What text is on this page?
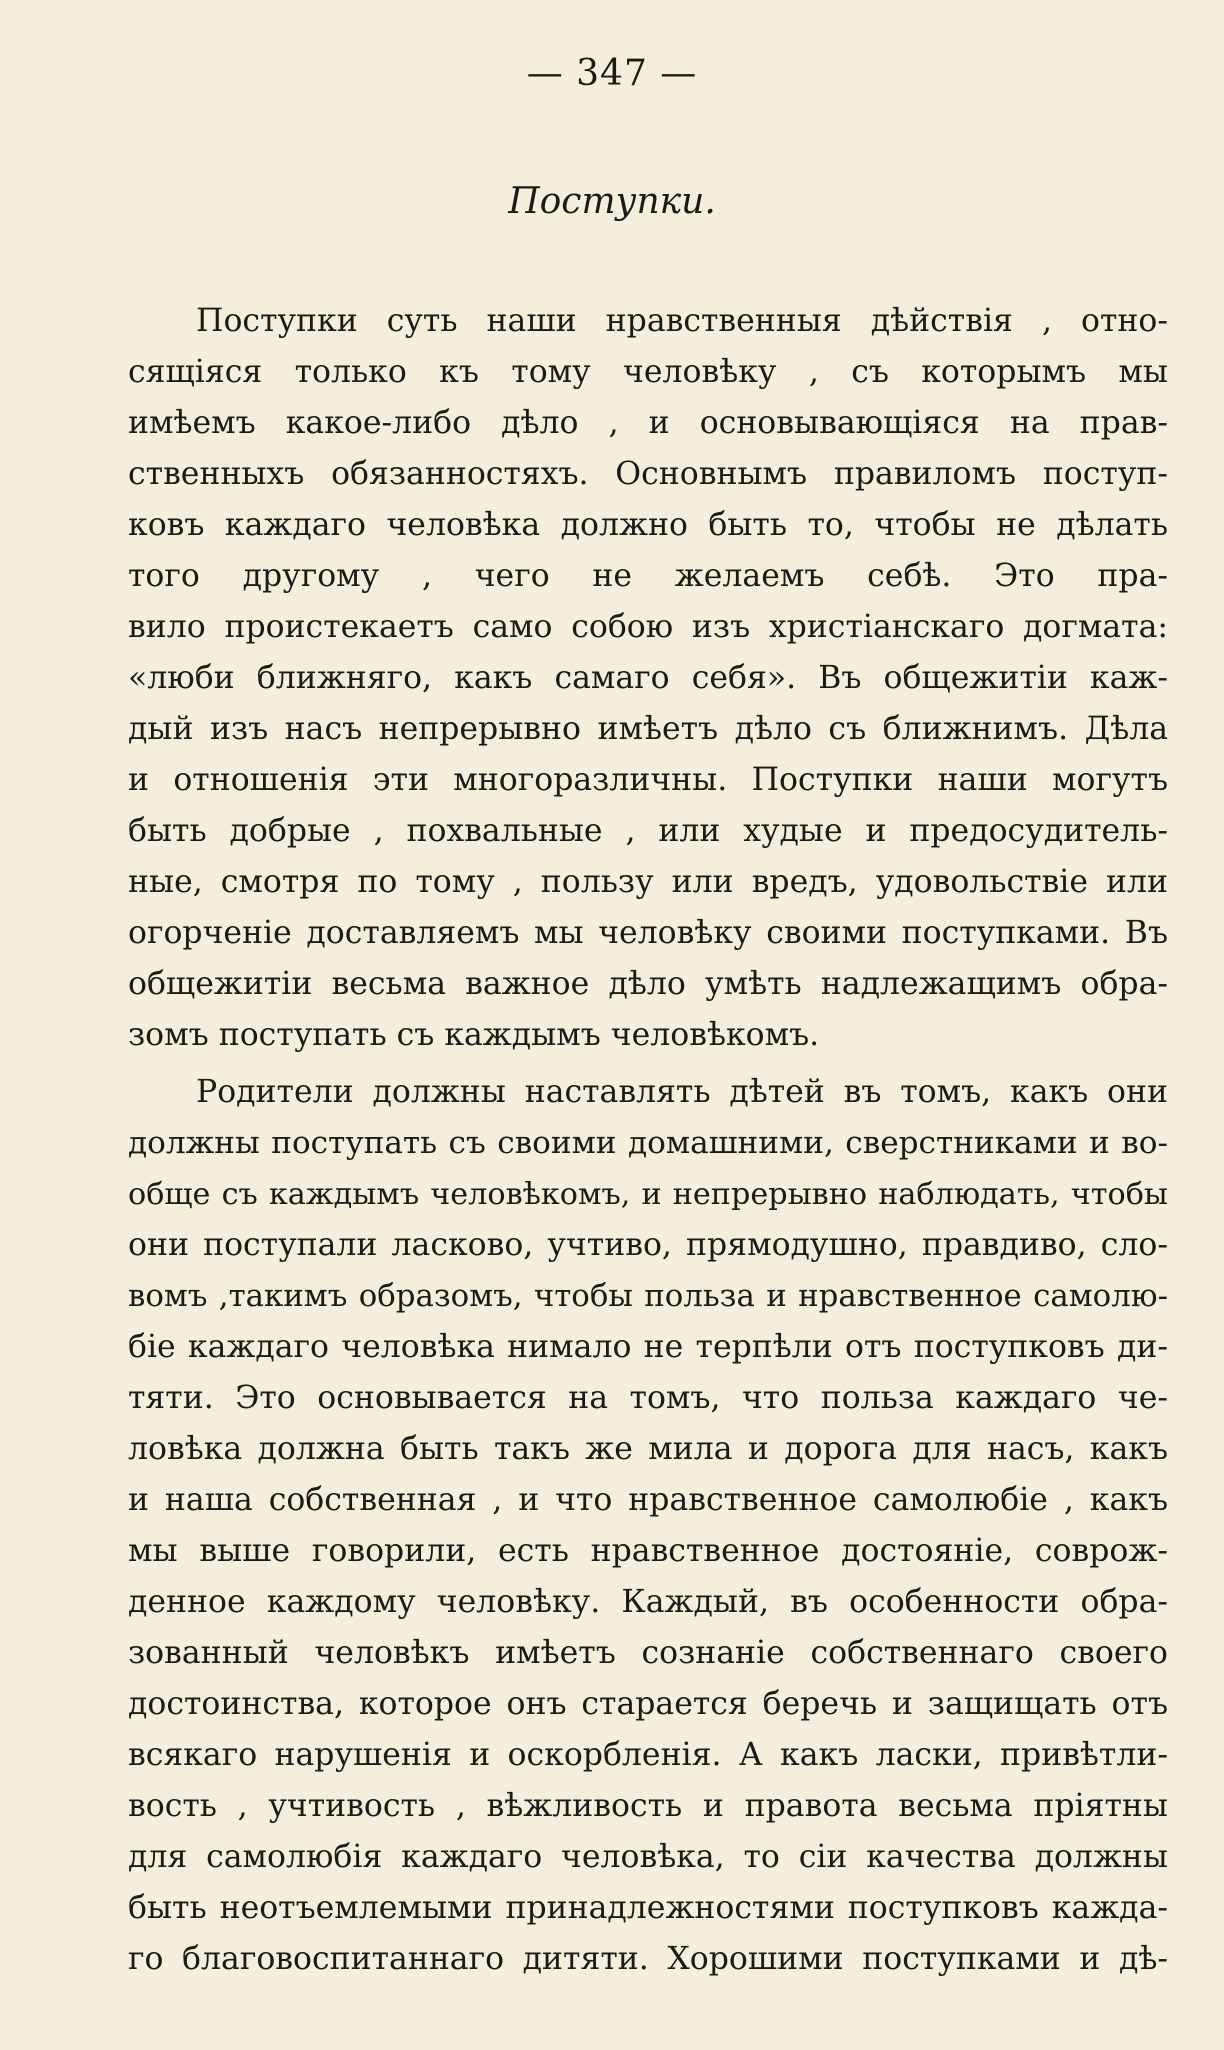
— 347 —
Поступки.
Поступки суть наши нравственныя дѣйствія , отно-
сящіяся только къ тому человѣку , съ которымъ мы
имѣемъ какое-либо дѣло , и основывающіяся на прав-
ственныхъ обязанностяхъ. Основнымъ правиломъ поступ-
ковъ каждаго человѣка должно быть то, чтобы не дѣлать
того другому , чего не желаемъ себѣ. Это пра-
вило проистекаетъ само собою изъ христіанскаго догмата:
«люби ближняго, какъ самаго себя». Въ общежитіи каж-
дый изъ насъ непрерывно имѣетъ дѣло съ ближнимъ. Дѣла
и отношенія эти многоразличны. Поступки наши могутъ
быть добрые , похвальные , или худые и предосудитель-
ные, смотря по тому , пользу или вредъ, удовольствіе или
огорченіе доставляемъ мы человѣку своими поступками. Въ
общежитіи весьма важное дѣло умѣть надлежащимъ обра-
зомъ поступать съ каждымъ человѣкомъ.
Родители должны наставлять дѣтей въ томъ, какъ они
должны поступать съ своими домашними, сверстниками и во-
обще съ каждымъ человѣкомъ, и непрерывно наблюдать, чтобы
они поступали ласково, учтиво, прямодушно, правдиво, сло-
вомъ ,такимъ образомъ, чтобы польза и нравственное самолю-
біе каждаго человѣка нимало не терпѣли отъ поступковъ ди-
тяти. Это основывается на томъ, что польза каждаго че-
ловѣка должна быть такъ же мила и дорога для насъ, какъ
и наша собственная , и что нравственное самолюбіе , какъ
мы выше говорили, есть нравственное достояніе, соврож-
денное каждому человѣку. Каждый, въ особенности обра-
зованный человѣкъ имѣетъ сознаніе собственнаго своего
достоинства, которое онъ старается беречь и защищать отъ
всякаго нарушенія и оскорбленія. А какъ ласки, привѣтли-
вость , учтивость , вѣжливость и правота весьма пріятны
для самолюбія каждаго человѣка, то сіи качества должны
быть неотъемлемыми принадлежностями поступковъ кажда-
го благовоспитаннаго дитяти. Хорошими поступками и дѣ-
